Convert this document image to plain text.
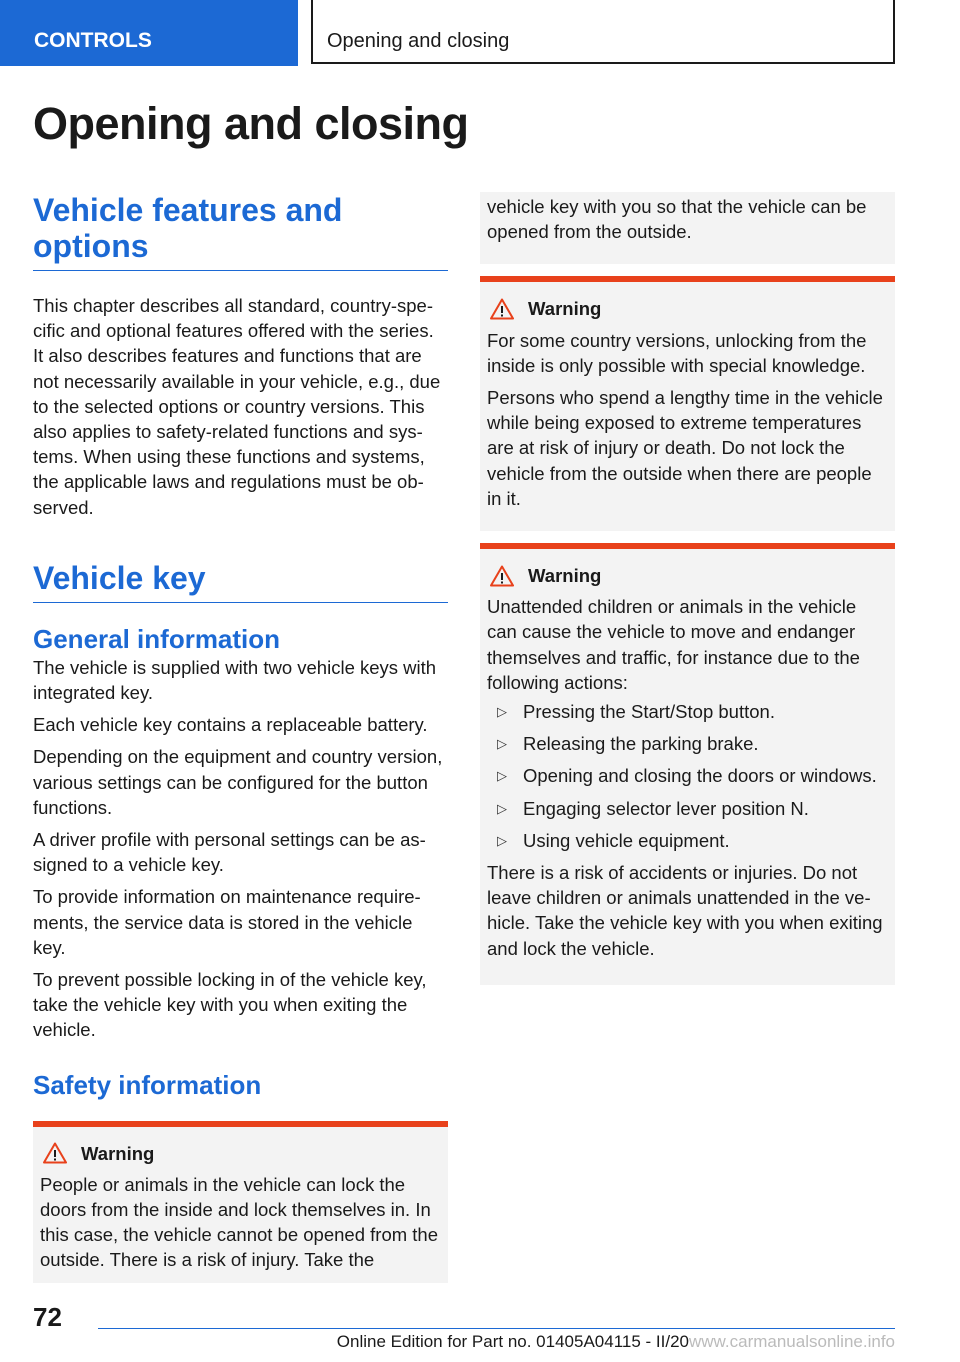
CONTROLS	Opening and closing
Opening and closing
Vehicle features and options

This chapter describes all standard, country-specific and optional features offered with the series. It also describes features and functions that are not necessarily available in your vehicle, e.g., due to the selected options or country versions. This also applies to safety-related functions and systems. When using these functions and systems, the applicable laws and regulations must be observed.

Vehicle key
General information

The vehicle is supplied with two vehicle keys with integrated key.

Each vehicle key contains a replaceable battery.

Depending on the equipment and country version, various settings can be configured for the button functions.

A driver profile with personal settings can be assigned to a vehicle key.

To provide information on maintenance requirements, the service data is stored in the vehicle key.

To prevent possible locking in of the vehicle key, take the vehicle key with you when exiting the vehicle.

Safety information
Warning

People or animals in the vehicle can lock the doors from the inside and lock themselves in. In this case, the vehicle cannot be opened from the outside. There is a risk of injury. Take the

vehicle key with you so that the vehicle can be opened from the outside.

Warning

For some country versions, unlocking from the inside is only possible with special knowledge.

Persons who spend a lengthy time in the vehicle while being exposed to extreme temperatures are at risk of injury or death. Do not lock the vehicle from the outside when there are people in it.

Warning

Unattended children or animals in the vehicle can cause the vehicle to move and endanger themselves and traffic, for instance due to the following actions:

▷ Pressing the Start/Stop button.
▷ Releasing the parking brake.
▷ Opening and closing the doors or windows.
▷ Engaging selector lever position N.
▷ Using vehicle equipment.

There is a risk of accidents or injuries. Do not leave children or animals unattended in the vehicle. Take the vehicle key with you when exiting and lock the vehicle.

72
Online Edition for Part no. 01405A04115 - II/20www.carmanualsonline.info
